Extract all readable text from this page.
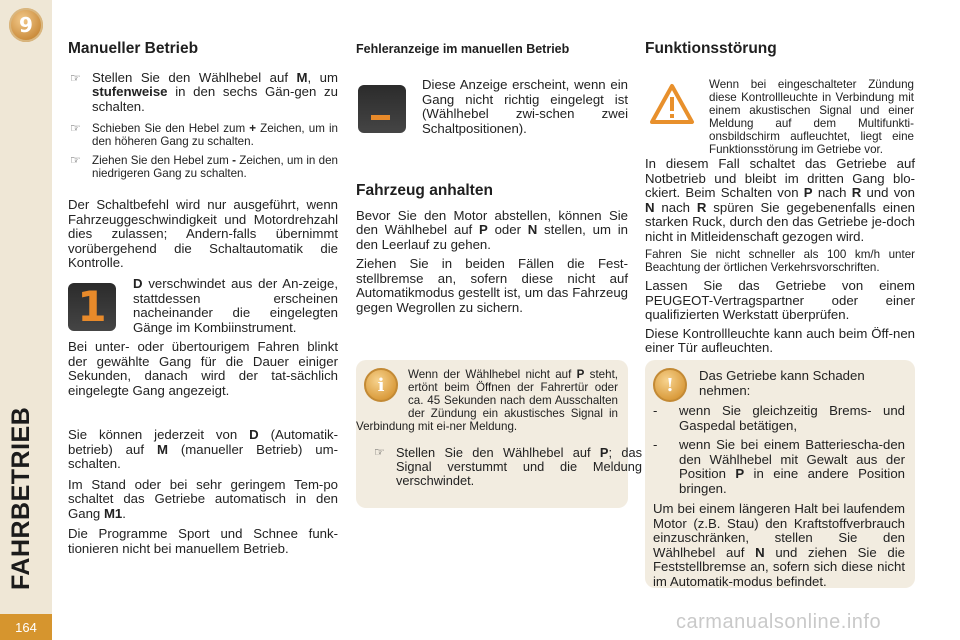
9
FAHRBETRIEB
164
Manueller Betrieb
☞ Stellen Sie den Wählhebel auf M, um stufenweise in den sechs Gän-gen zu schalten.

☞ Schieben Sie den Hebel zum + Zeichen, um in den höheren Gang zu schalten.

☞ Ziehen Sie den Hebel zum - Zeichen, um in den niedrigeren Gang zu schalten.

Der Schaltbefehl wird nur ausgeführt, wenn Fahrzeuggeschwindigkeit und Motordrehzahl dies zulassen; Andern-falls übernimmt vorübergehend die Schaltautomatik die Kontrolle.

1 D verschwindet aus der An-zeige, stattdessen erscheinen nacheinander die eingelegten Gänge im Kombiinstrument.

Bei unter- oder übertourigem Fahren blinkt der gewählte Gang für die Dauer einiger Sekunden, danach wird der tat-sächlich eingelegte Gang angezeigt.

Sie können jederzeit von D (Automatik-betrieb) auf M (manueller Betrieb) um-schalten.

Im Stand oder bei sehr geringem Tem-po schaltet das Getriebe automatisch in den Gang M1.

Die Programme Sport und Schnee funk-tionieren nicht bei manuellem Betrieb.

Fehleranzeige im manuellen Betrieb

Diese Anzeige erscheint, wenn ein Gang nicht richtig eingelegt ist (Wählhebel zwi-schen zwei Schaltpositionen).

Fahrzeug anhalten

Bevor Sie den Motor abstellen, können Sie den Wählhebel auf P oder N stellen, um in den Leerlauf zu gehen.

Ziehen Sie in beiden Fällen die Fest-stellbremse an, sofern diese nicht auf Automatikmodus gestellt ist, um das Fahrzeug gegen Wegrollen zu sichern.

i	Wenn der Wählhebel nicht auf P steht, ertönt beim Öffnen der Fahrertür oder ca. 45 Sekunden nach dem Ausschalten der Zündung ein akustisches Signal in Verbindung mit ei-ner Meldung.

☞ Stellen Sie den Wählhebel auf P; das Signal verstummt und die Meldung verschwindet.

Funktionsstörung

Wenn bei eingeschalteter Zündung diese Kontrollleuchte in Verbindung mit einem akustischen Signal und einer Meldung auf dem Multifunkti-onsbildschirm aufleuchtet, liegt eine Funktionsstörung im Getriebe vor.

In diesem Fall schaltet das Getriebe auf Notbetrieb und bleibt im dritten Gang blo-ckiert. Beim Schalten von P nach R und von N nach R spüren Sie gegebenenfalls einen starken Ruck, durch den das Getriebe je-doch nicht in Mitleidenschaft gezogen wird.

Fahren Sie nicht schneller als 100 km/h unter Beachtung der örtlichen Verkehrsvorschriften.

Lassen Sie das Getriebe von einem PEUGEOT-Vertragspartner oder einer qualifizierten Werkstatt überprüfen.

Diese Kontrollleuchte kann auch beim Öff-nen einer Tür aufleuchten.

!	Das Getriebe kann Schaden nehmen:

- wenn Sie gleichzeitig Brems- und Gaspedal betätigen,

- wenn Sie bei einem Batteriescha-den den Wählhebel mit Gewalt aus der Position P in eine andere Position bringen.

Um bei einem längeren Halt bei laufendem Motor (z.B. Stau) den Kraftstoffverbrauch einzuschränken, stellen Sie den Wählhebel auf N und ziehen Sie die Feststellbremse an, sofern sich diese nicht im Automatik-modus befindet.

carmanualsonline.info
